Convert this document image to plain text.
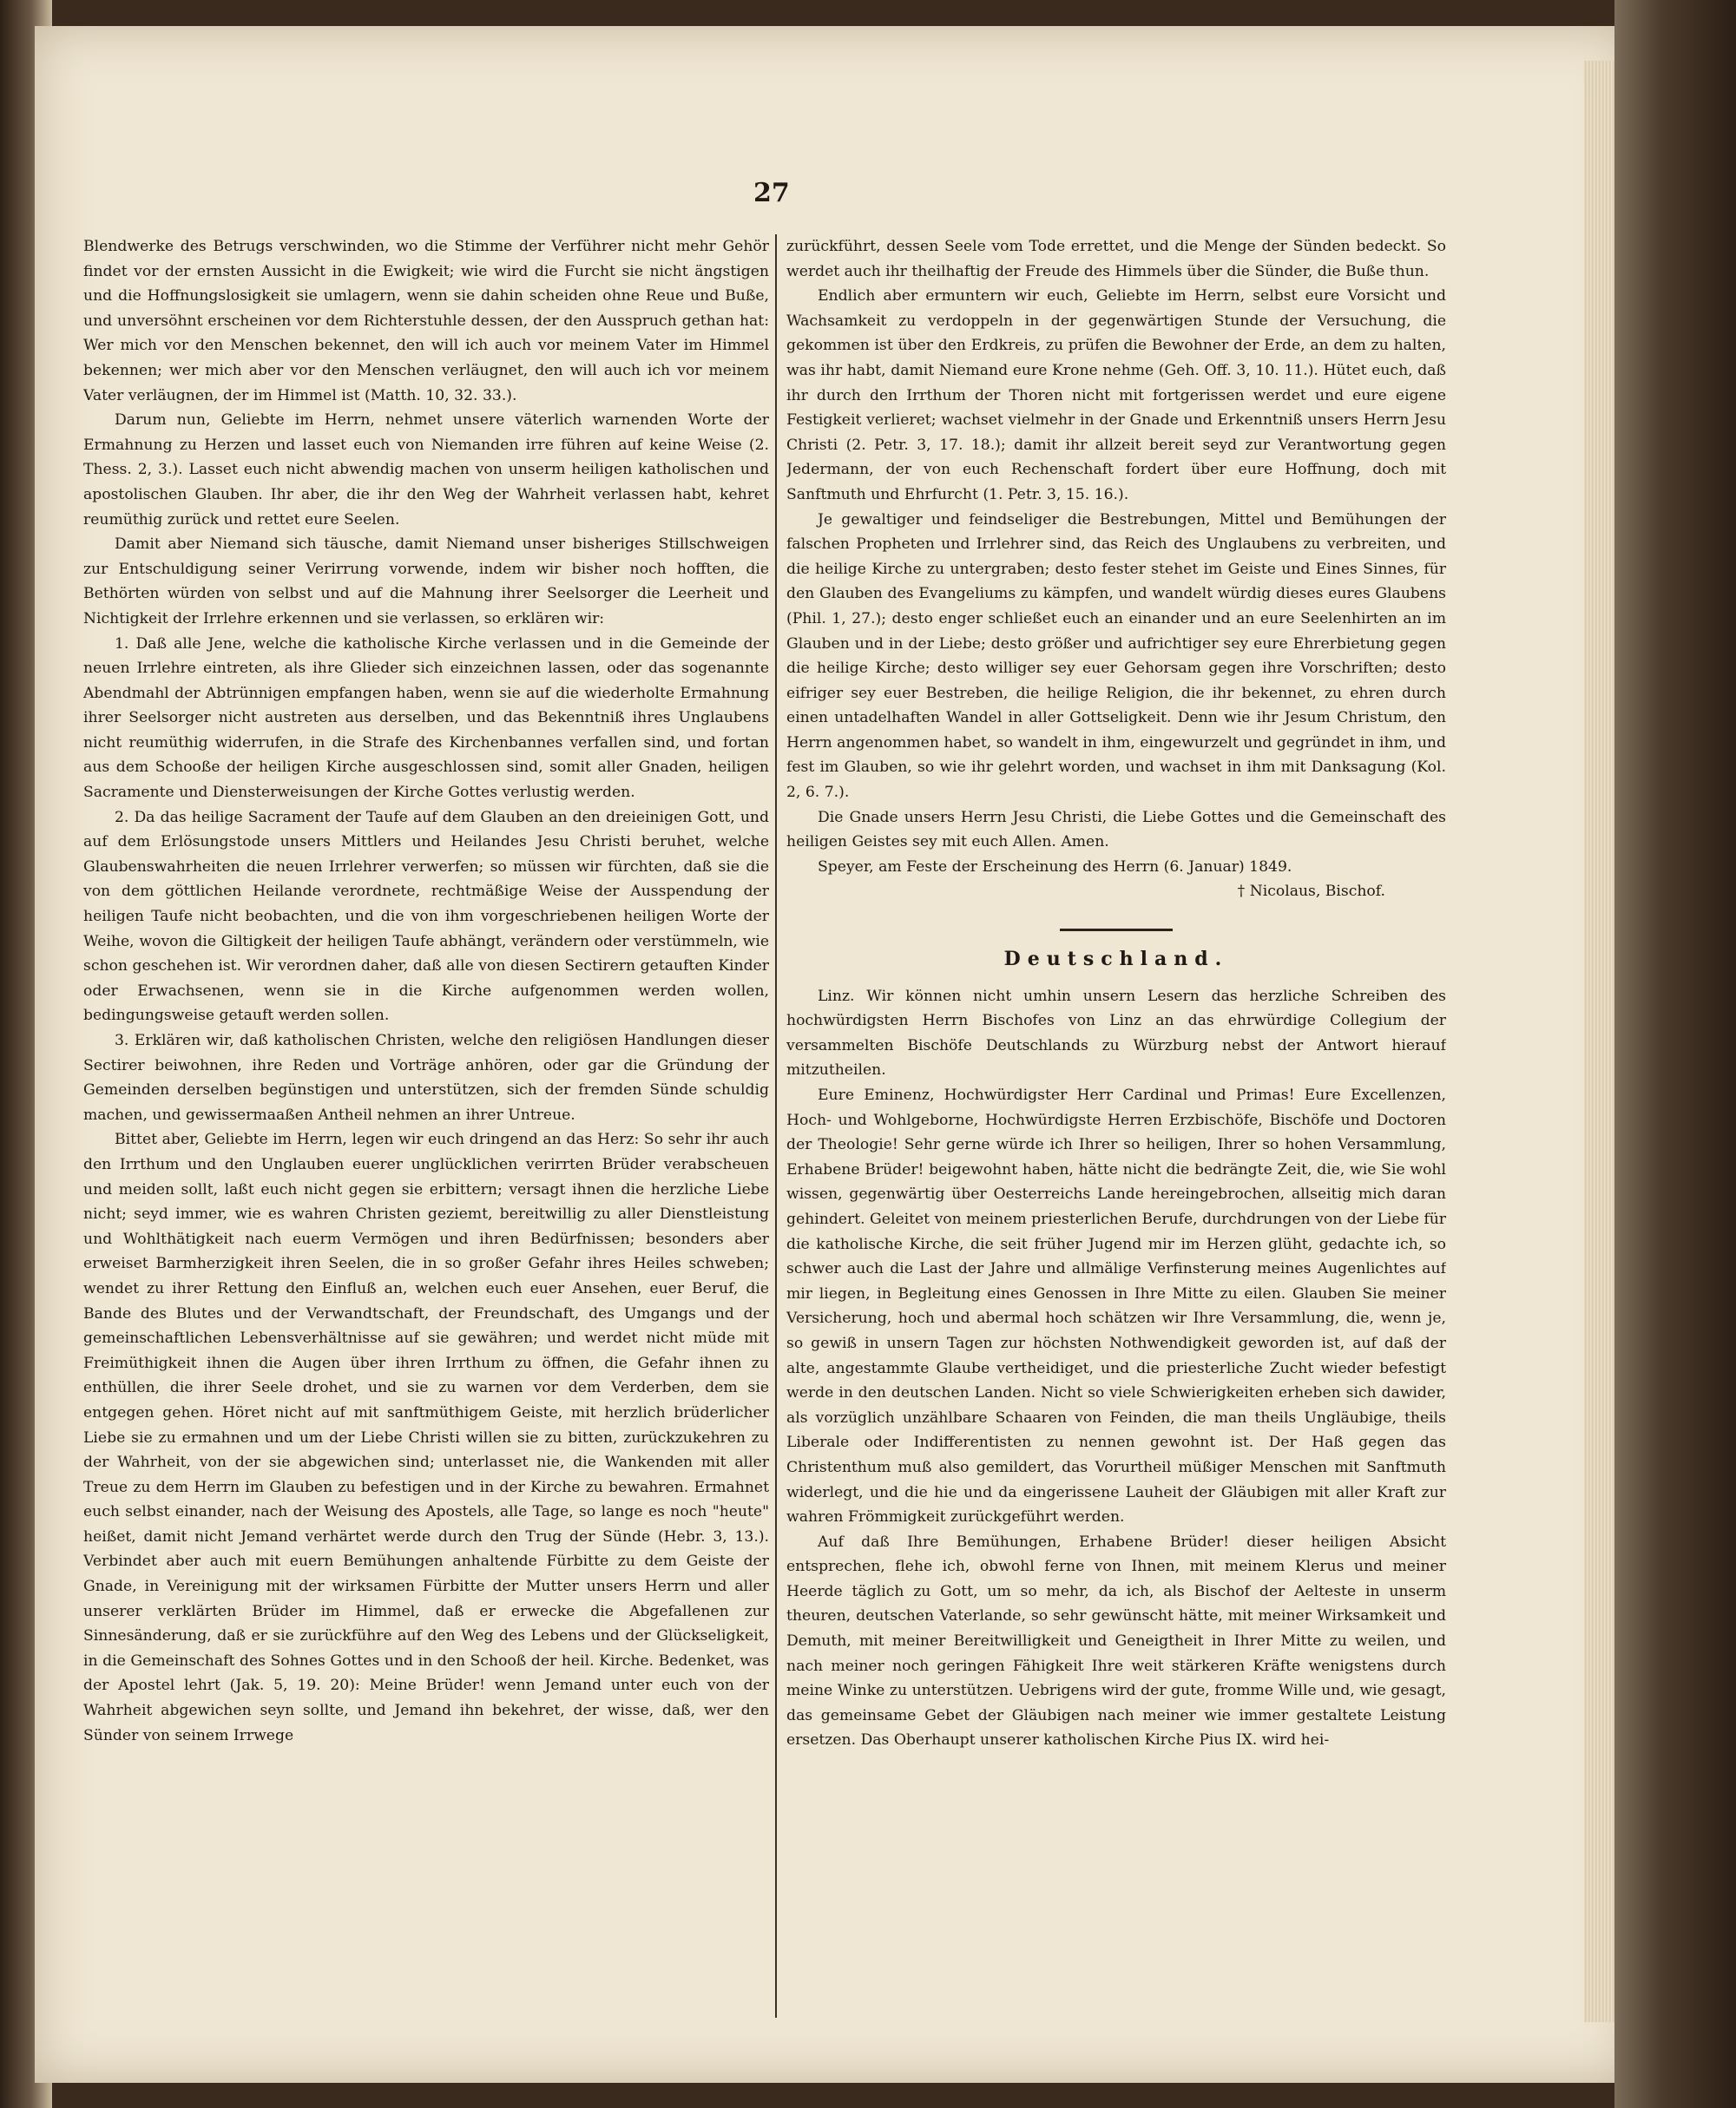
27

Blendwerke des Betrugs verschwinden, wo die Stimme der Verführer nicht mehr Gehör findet vor der ernsten Aussicht in die Ewigkeit; wie wird die Furcht sie nicht ängstigen und die Hoffnungslosigkeit sie umlagern, wenn sie dahin scheiden ohne Reue und Buße, und unversöhnt erscheinen vor dem Richterstuhle dessen, der den Ausspruch gethan hat: Wer mich vor den Menschen bekennet, den will ich auch vor meinem Vater im Himmel bekennen; wer mich aber vor den Menschen verläugnet, den will auch ich vor meinem Vater verläugnen, der im Himmel ist (Matth. 10, 32. 33.).

Darum nun, Geliebte im Herrn, nehmet unsere väterlich warnenden Worte der Ermahnung zu Herzen und lasset euch von Niemanden irre führen auf keine Weise (2. Thess. 2, 3.). Lasset euch nicht abwendig machen von unserm heiligen katholischen und apostolischen Glauben. Ihr aber, die ihr den Weg der Wahrheit verlassen habt, kehret reumüthig zurück und rettet eure Seelen.

Damit aber Niemand sich täusche, damit Niemand unser bisheriges Stillschweigen zur Entschuldigung seiner Verirrung vorwende, indem wir bisher noch hofften, die Bethörten würden von selbst und auf die Mahnung ihrer Seelsorger die Leerheit und Nichtigkeit der Irrlehre erkennen und sie verlassen, so erklären wir:

1. Daß alle Jene, welche die katholische Kirche verlassen und in die Gemeinde der neuen Irrlehre eintreten, als ihre Glieder sich einzeichnen lassen, oder das sogenannte Abendmahl der Abtrünnigen empfangen haben, wenn sie auf die wiederholte Ermahnung ihrer Seelsorger nicht austreten aus derselben, und das Bekenntniß ihres Unglaubens nicht reumüthig widerrufen, in die Strafe des Kirchenbannes verfallen sind, und fortan aus dem Schooße der heiligen Kirche ausgeschlossen sind, somit aller Gnaden, heiligen Sacramente und Diensterweisungen der Kirche Gottes verlustig werden.

2. Da das heilige Sacrament der Taufe auf dem Glauben an den dreieinigen Gott, und auf dem Erlösungstode unsers Mittlers und Heilandes Jesu Christi beruhet, welche Glaubenswahrheiten die neuen Irrlehrer verwerfen; so müssen wir fürchten, daß sie die von dem göttlichen Heilande verordnete, rechtmäßige Weise der Ausspendung der heiligen Taufe nicht beobachten, und die von ihm vorgeschriebenen heiligen Worte der Weihe, wovon die Giltigkeit der heiligen Taufe abhängt, verändern oder verstümmeln, wie schon geschehen ist. Wir verordnen daher, daß alle von diesen Sectirern getauften Kinder oder Erwachsenen, wenn sie in die Kirche aufgenommen werden wollen, bedingungsweise getauft werden sollen.

3. Erklären wir, daß katholischen Christen, welche den religiösen Handlungen dieser Sectirer beiwohnen, ihre Reden und Vorträge anhören, oder gar die Gründung der Gemeinden derselben begünstigen und unterstützen, sich der fremden Sünde schuldig machen, und gewissermaaßen Antheil nehmen an ihrer Untreue.

Bittet aber, Geliebte im Herrn, legen wir euch dringend an das Herz: So sehr ihr auch den Irrthum und den Unglauben euerer unglücklichen verirrten Brüder verabscheuen und meiden sollt, laßt euch nicht gegen sie erbittern; versagt ihnen die herzliche Liebe nicht; seyd immer, wie es wahren Christen geziemt, bereitwillig zu aller Dienstleistung und Wohlthätigkeit nach euerm Vermögen und ihren Bedürfnissen; besonders aber erweiset Barmherzigkeit ihren Seelen, die in so großer Gefahr ihres Heiles schweben; wendet zu ihrer Rettung den Einfluß an, welchen euch euer Ansehen, euer Beruf, die Bande des Blutes und der Verwandtschaft, der Freundschaft, des Umgangs und der gemeinschaftlichen Lebensverhältnisse auf sie gewähren; und werdet nicht müde mit Freimüthigkeit ihnen die Augen über ihren Irrthum zu öffnen, die Gefahr ihnen zu enthüllen, die ihrer Seele drohet, und sie zu warnen vor dem Verderben, dem sie entgegen gehen. Höret nicht auf mit sanftmüthigem Geiste, mit herzlich brüderlicher Liebe sie zu ermahnen und um der Liebe Christi willen sie zu bitten, zurückzukehren zu der Wahrheit, von der sie abgewichen sind; unterlasset nie, die Wankenden mit aller Treue zu dem Herrn im Glauben zu befestigen und in der Kirche zu bewahren. Ermahnet euch selbst einander, nach der Weisung des Apostels, alle Tage, so lange es noch "heute" heißet, damit nicht Jemand verhärtet werde durch den Trug der Sünde (Hebr. 3, 13.). Verbindet aber auch mit euern Bemühungen anhaltende Fürbitte zu dem Geiste der Gnade, in Vereinigung mit der wirksamen Fürbitte der Mutter unsers Herrn und aller unserer verklärten Brüder im Himmel, daß er erwecke die Abgefallenen zur Sinnesänderung, daß er sie zurückführe auf den Weg des Lebens und der Glückseligkeit, in die Gemeinschaft des Sohnes Gottes und in den Schooß der heil. Kirche. Bedenket, was der Apostel lehrt (Jak. 5, 19. 20): Meine Brüder! wenn Jemand unter euch von der Wahrheit abgewichen seyn sollte, und Jemand ihn bekehret, der wisse, daß, wer den Sünder von seinem Irrwege

zurückführt, dessen Seele vom Tode errettet, und die Menge der Sünden bedeckt. So werdet auch ihr theilhaftig der Freude des Himmels über die Sünder, die Buße thun.

Endlich aber ermuntern wir euch, Geliebte im Herrn, selbst eure Vorsicht und Wachsamkeit zu verdoppeln in der gegenwärtigen Stunde der Versuchung, die gekommen ist über den Erdkreis, zu prüfen die Bewohner der Erde, an dem zu halten, was ihr habt, damit Niemand eure Krone nehme (Geh. Off. 3, 10. 11.). Hütet euch, daß ihr durch den Irrthum der Thoren nicht mit fortgerissen werdet und eure eigene Festigkeit verlieret; wachset vielmehr in der Gnade und Erkenntniß unsers Herrn Jesu Christi (2. Petr. 3, 17. 18.); damit ihr allzeit bereit seyd zur Verantwortung gegen Jedermann, der von euch Rechenschaft fordert über eure Hoffnung, doch mit Sanftmuth und Ehrfurcht (1. Petr. 3, 15. 16.).

Je gewaltiger und feindseliger die Bestrebungen, Mittel und Bemühungen der falschen Propheten und Irrlehrer sind, das Reich des Unglaubens zu verbreiten, und die heilige Kirche zu untergraben; desto fester stehet im Geiste und Eines Sinnes, für den Glauben des Evangeliums zu kämpfen, und wandelt würdig dieses eures Glaubens (Phil. 1, 27.); desto enger schließet euch an einander und an eure Seelenhirten an im Glauben und in der Liebe; desto größer und aufrichtiger sey eure Ehrerbietung gegen die heilige Kirche; desto williger sey euer Gehorsam gegen ihre Vorschriften; desto eifriger sey euer Bestreben, die heilige Religion, die ihr bekennet, zu ehren durch einen untadelhaften Wandel in aller Gottseligkeit. Denn wie ihr Jesum Christum, den Herrn angenommen habet, so wandelt in ihm, eingewurzelt und gegründet in ihm, und fest im Glauben, so wie ihr gelehrt worden, und wachset in ihm mit Danksagung (Kol. 2, 6. 7.).

Die Gnade unsers Herrn Jesu Christi, die Liebe Gottes und die Gemeinschaft des heiligen Geistes sey mit euch Allen. Amen.

Speyer, am Feste der Erscheinung des Herrn (6. Januar) 1849.

† Nicolaus, Bischof.

Deutschland.

Linz. Wir können nicht umhin unsern Lesern das herzliche Schreiben des hochwürdigsten Herrn Bischofes von Linz an das ehrwürdige Collegium der versammelten Bischöfe Deutschlands zu Würzburg nebst der Antwort hierauf mitzutheilen.

Eure Eminenz, Hochwürdigster Herr Cardinal und Primas! Eure Excellenzen, Hoch- und Wohlgeborne, Hochwürdigste Herren Erzbischöfe, Bischöfe und Doctoren der Theologie! Sehr gerne würde ich Ihrer so heiligen, Ihrer so hohen Versammlung, Erhabene Brüder! beigewohnt haben, hätte nicht die bedrängte Zeit, die, wie Sie wohl wissen, gegenwärtig über Oesterreichs Lande hereingebrochen, allseitig mich daran gehindert. Geleitet von meinem priesterlichen Berufe, durchdrungen von der Liebe für die katholische Kirche, die seit früher Jugend mir im Herzen glüht, gedachte ich, so schwer auch die Last der Jahre und allmälige Verfinsterung meines Augenlichtes auf mir liegen, in Begleitung eines Genossen in Ihre Mitte zu eilen. Glauben Sie meiner Versicherung, hoch und abermal hoch schätzen wir Ihre Versammlung, die, wenn je, so gewiß in unsern Tagen zur höchsten Nothwendigkeit geworden ist, auf daß der alte, angestammte Glaube vertheidiget, und die priesterliche Zucht wieder befestigt werde in den deutschen Landen. Nicht so viele Schwierigkeiten erheben sich dawider, als vorzüglich unzählbare Schaaren von Feinden, die man theils Ungläubige, theils Liberale oder Indifferentisten zu nennen gewohnt ist. Der Haß gegen das Christenthum muß also gemildert, das Vorurtheil müßiger Menschen mit Sanftmuth widerlegt, und die hie und da eingerissene Lauheit der Gläubigen mit aller Kraft zur wahren Frömmigkeit zurückgeführt werden.

Auf daß Ihre Bemühungen, Erhabene Brüder! dieser heiligen Absicht entsprechen, flehe ich, obwohl ferne von Ihnen, mit meinem Klerus und meiner Heerde täglich zu Gott, um so mehr, da ich, als Bischof der Aelteste in unserm theuren, deutschen Vaterlande, so sehr gewünscht hätte, mit meiner Wirksamkeit und Demuth, mit meiner Bereitwilligkeit und Geneigtheit in Ihrer Mitte zu weilen, und nach meiner noch geringen Fähigkeit Ihre weit stärkeren Kräfte wenigstens durch meine Winke zu unterstützen. Uebrigens wird der gute, fromme Wille und, wie gesagt, das gemeinsame Gebet der Gläubigen nach meiner wie immer gestaltete Leistung ersetzen. Das Oberhaupt unserer katholischen Kirche Pius IX. wird hei-
